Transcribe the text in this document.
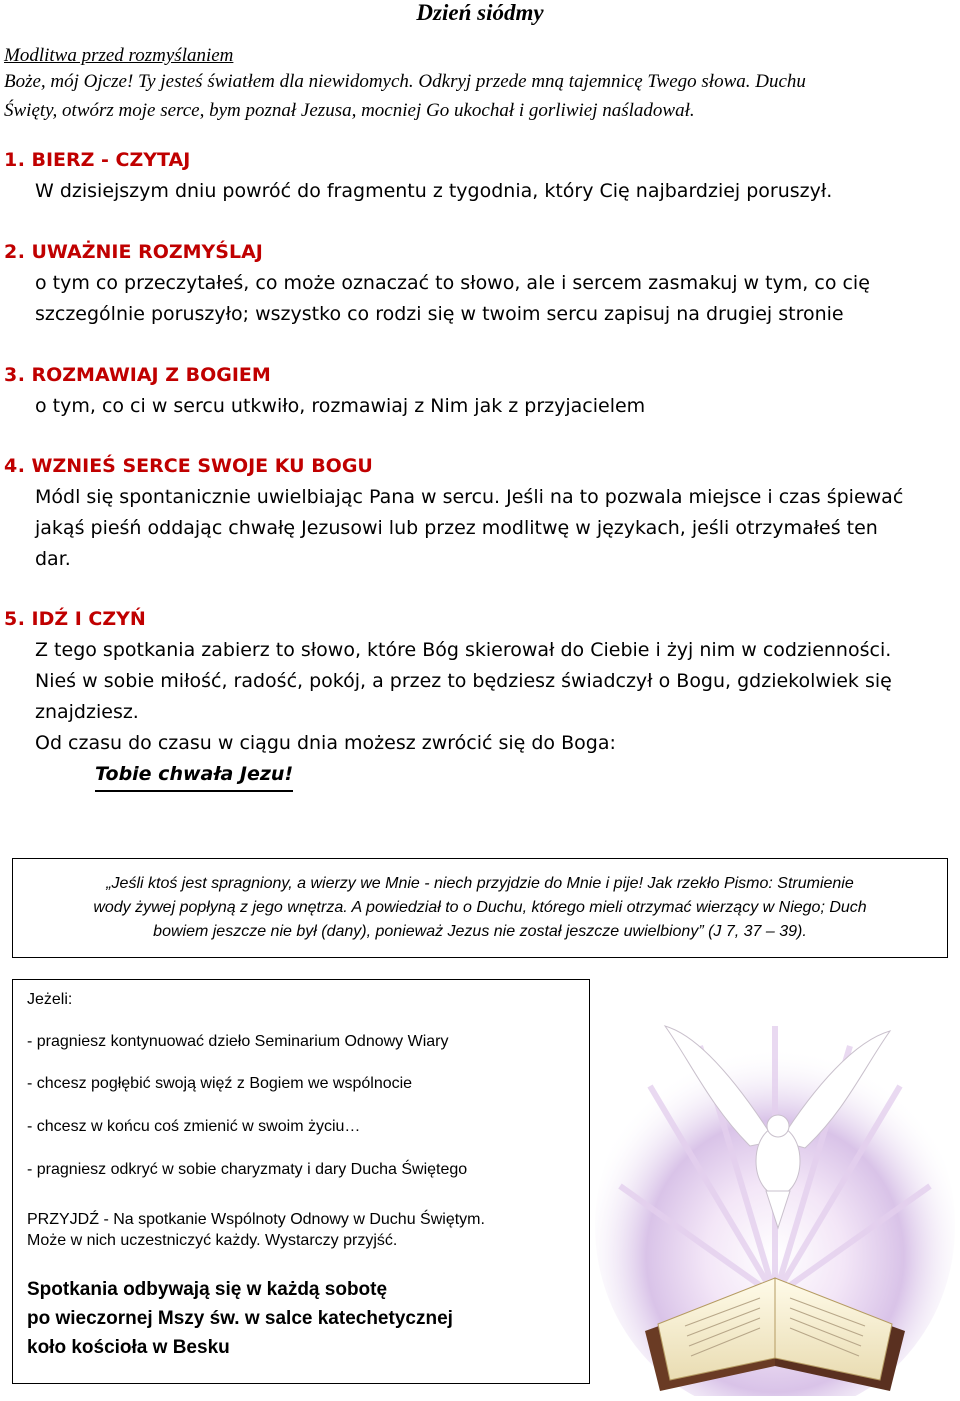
Dzień siódmy
Modlitwa przed rozmyślaniem
Boże, mój Ojcze! Ty jesteś światłem dla niewidomych. Odkryj przede mną tajemnicę Twego słowa. Duchu
Święty, otwórz moje serce, bym poznał Jezusa, mocniej Go ukochał i gorliwiej naśladował.
1. BIERZ - CZYTAJ
W dzisiejszym dniu powróć do fragmentu z tygodnia, który Cię najbardziej poruszył.
2. UWAŻNIE ROZMYŚLAJ
o tym co przeczytałeś, co może oznaczać to słowo, ale i sercem zasmakuj w tym, co cię
szczególnie poruszyło; wszystko co rodzi się w twoim sercu zapisuj na drugiej stronie
3. ROZMAWIAJ Z BOGIEM
o tym, co ci w sercu utkwiło, rozmawiaj z Nim jak z przyjacielem
4. WZNIEŚ SERCE SWOJE KU BOGU
Módl się spontanicznie uwielbiając Pana w sercu. Jeśli na to pozwala miejsce i czas śpiewać
jakąś pieśń oddając chwałę Jezusowi lub przez modlitwę w językach, jeśli otrzymałeś ten
dar.
5. IDŹ I CZYŃ
Z tego spotkania zabierz to słowo, które Bóg skierował do Ciebie i żyj nim w codzienności.
Nieś w sobie miłość, radość, pokój, a przez to będziesz świadczył o Bogu, gdziekolwiek się
znajdziesz.
Od czasu do czasu w ciągu dnia możesz zwrócić się do Boga:
Tobie chwała Jezu!
„Jeśli ktoś jest spragniony, a wierzy we Mnie - niech przyjdzie do Mnie i pije! Jak rzekło Pismo: Strumienie
wody żywej popłyną z jego wnętrza. A powiedział to o Duchu, którego mieli otrzymać wierzący w Niego; Duch
bowiem jeszcze nie był (dany), ponieważ Jezus nie został jeszcze uwielbiony” (J 7, 37 – 39).

Jeżeli:

- pragniesz kontynuować dzieło Seminarium Odnowy Wiary

- chcesz pogłębić swoją więź z Bogiem we wspólnocie

- chcesz w końcu coś zmienić w swoim życiu…

- pragniesz odkryć w sobie charyzmaty i dary Ducha Świętego

PRZYJDŹ - Na spotkanie Wspólnoty Odnowy w Duchu Świętym.

Może w nich uczestniczyć każdy. Wystarczy przyjść.

Spotkania odbywają się w każdą sobotę

po wieczornej Mszy św. w salce katechetycznej

koło kościoła w Besku
